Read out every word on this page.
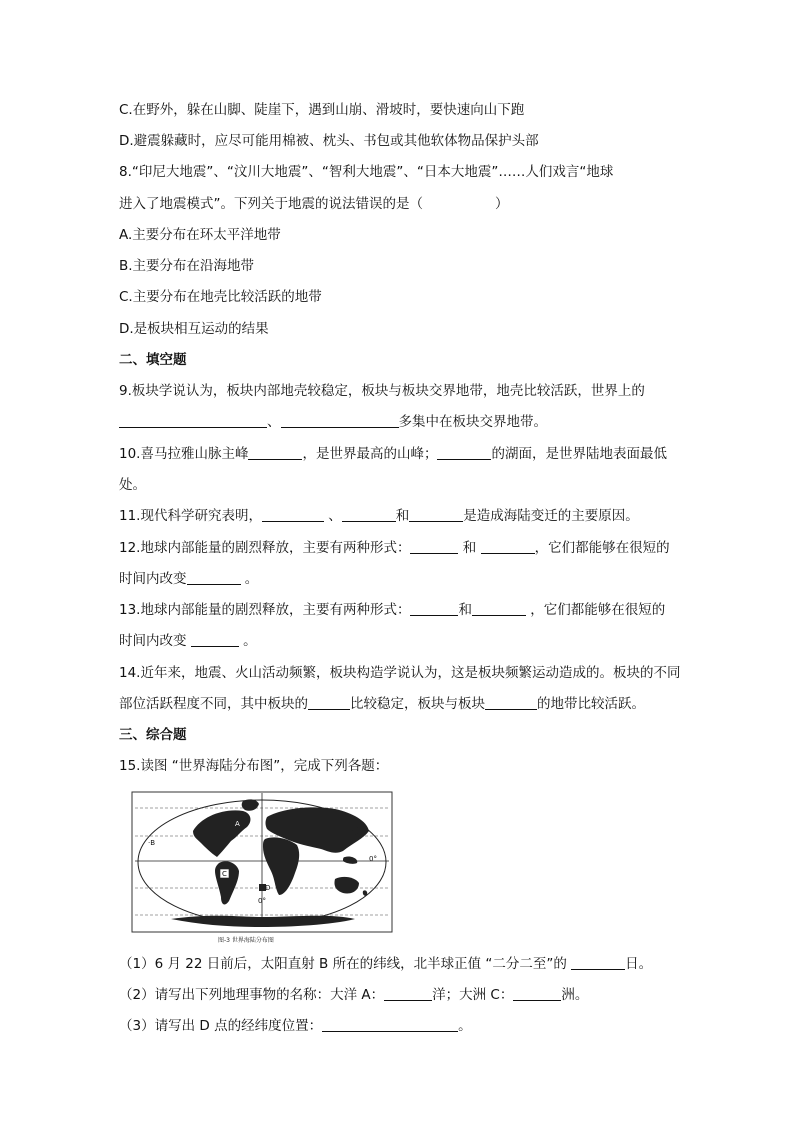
C.在野外，躲在山脚、陡崖下，遇到山崩、滑坡时，要快速向山下跑
D.避震躲藏时，应尽可能用棉被、枕头、书包或其他软体物品保护头部
8.“印尼大地震”、“汶川大地震”、“智利大地震”、“日本大地震”……人们戏言“地球
进入了地震模式”。下列关于地震的说法错误的是（	）
A.主要分布在环太平洋地带
B.主要分布在沿海地带
C.主要分布在地壳比较活跃的地带
D.是板块相互运动的结果
二、填空题
9.板块学说认为，板块内部地壳较稳定，板块与板块交界地带，地壳比较活跃，世界上的
、	多集中在板块交界地带。
10.喜马拉雅山脉主峰	，是世界最高的山峰；	的湖面，是世界陆地表面最低
处。
11.现代科学研究表明，	、	和	是造成海陆变迁的主要原因。
12.地球内部能量的剧烈释放，主要有两种形式：	和	，它们都能够在很短的
时间内改变	。
13.地球内部能量的剧烈释放，主要有两种形式：	和	，它们都能够在很短的
时间内改变	。
14.近年来，地震、火山活动频繁，板块构造学说认为，这是板块频繁运动造成的。板块的不同
部位活跃程度不同，其中板块的	比较稳定，板块与板块	的地带比较活跃。
三、综合题
15.读图 “世界海陆分布图”，完成下列各题：
C
A
·B
D
0°
0°
图-3 世界海陆分布图
（1）6 月 22 日前后，太阳直射 B 所在的纬线，北半球正值 “二分二至”的	日。
（2）请写出下列地理事物的名称：大洋 A：	洋；大洲 C：	洲。
（3）请写出 D 点的经纬度位置：	。
